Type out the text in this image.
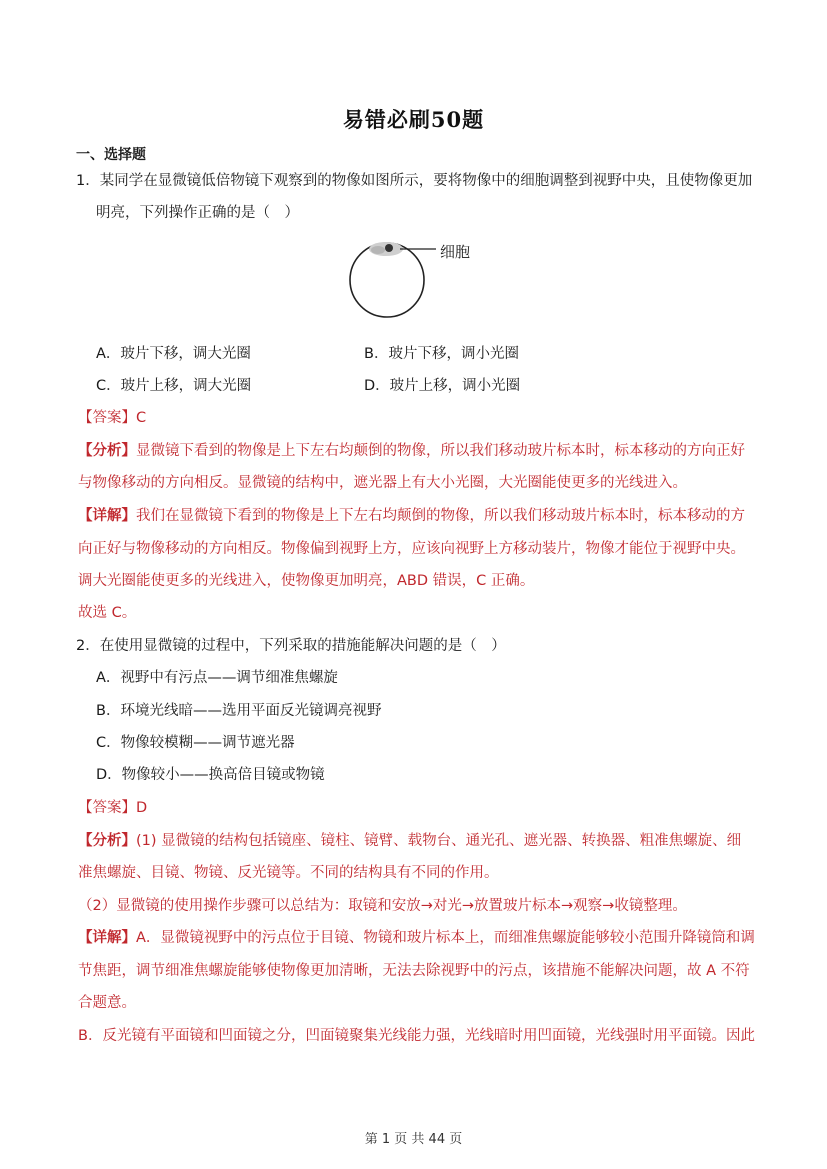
易错必刷50题
一、选择题
1．某同学在显微镜低倍物镜下观察到的物像如图所示，要将物像中的细胞调整到视野中央，且使物像更加
明亮，下列操作正确的是（　）
细胞
A．玻片下移，调大光圈	B．玻片下移，调小光圈
C．玻片上移，调大光圈	D．玻片上移，调小光圈
【答案】C
【分析】显微镜下看到的物像是上下左右均颠倒的物像，所以我们移动玻片标本时，标本移动的方向正好
与物像移动的方向相反。显微镜的结构中，遮光器上有大小光圈，大光圈能使更多的光线进入。
【详解】我们在显微镜下看到的物像是上下左右均颠倒的物像，所以我们移动玻片标本时，标本移动的方
向正好与物像移动的方向相反。物像偏到视野上方，应该向视野上方移动装片，物像才能位于视野中央。
调大光圈能使更多的光线进入，使物像更加明亮，ABD 错误，C 正确。
故选 C。
2．在使用显微镜的过程中，下列采取的措施能解决问题的是（　）
A．视野中有污点——调节细准焦螺旋
B．环境光线暗——选用平面反光镜调亮视野
C．物像较模糊——调节遮光器
D．物像较小——换高倍目镜或物镜
【答案】D
【分析】(1) 显微镜的结构包括镜座、镜柱、镜臂、载物台、通光孔、遮光器、转换器、粗准焦螺旋、细
准焦螺旋、目镜、物镜、反光镜等。不同的结构具有不同的作用。
（2）显微镜的使用操作步骤可以总结为：取镜和安放→对光→放置玻片标本→观察→收镜整理。
【详解】A．显微镜视野中的污点位于目镜、物镜和玻片标本上，而细准焦螺旋能够较小范围升降镜筒和调
节焦距，调节细准焦螺旋能够使物像更加清晰，无法去除视野中的污点，该措施不能解决问题，故 A 不符
合题意。
B．反光镜有平面镜和凹面镜之分，凹面镜聚集光线能力强，光线暗时用凹面镜，光线强时用平面镜。因此
第 1 页 共 44 页
